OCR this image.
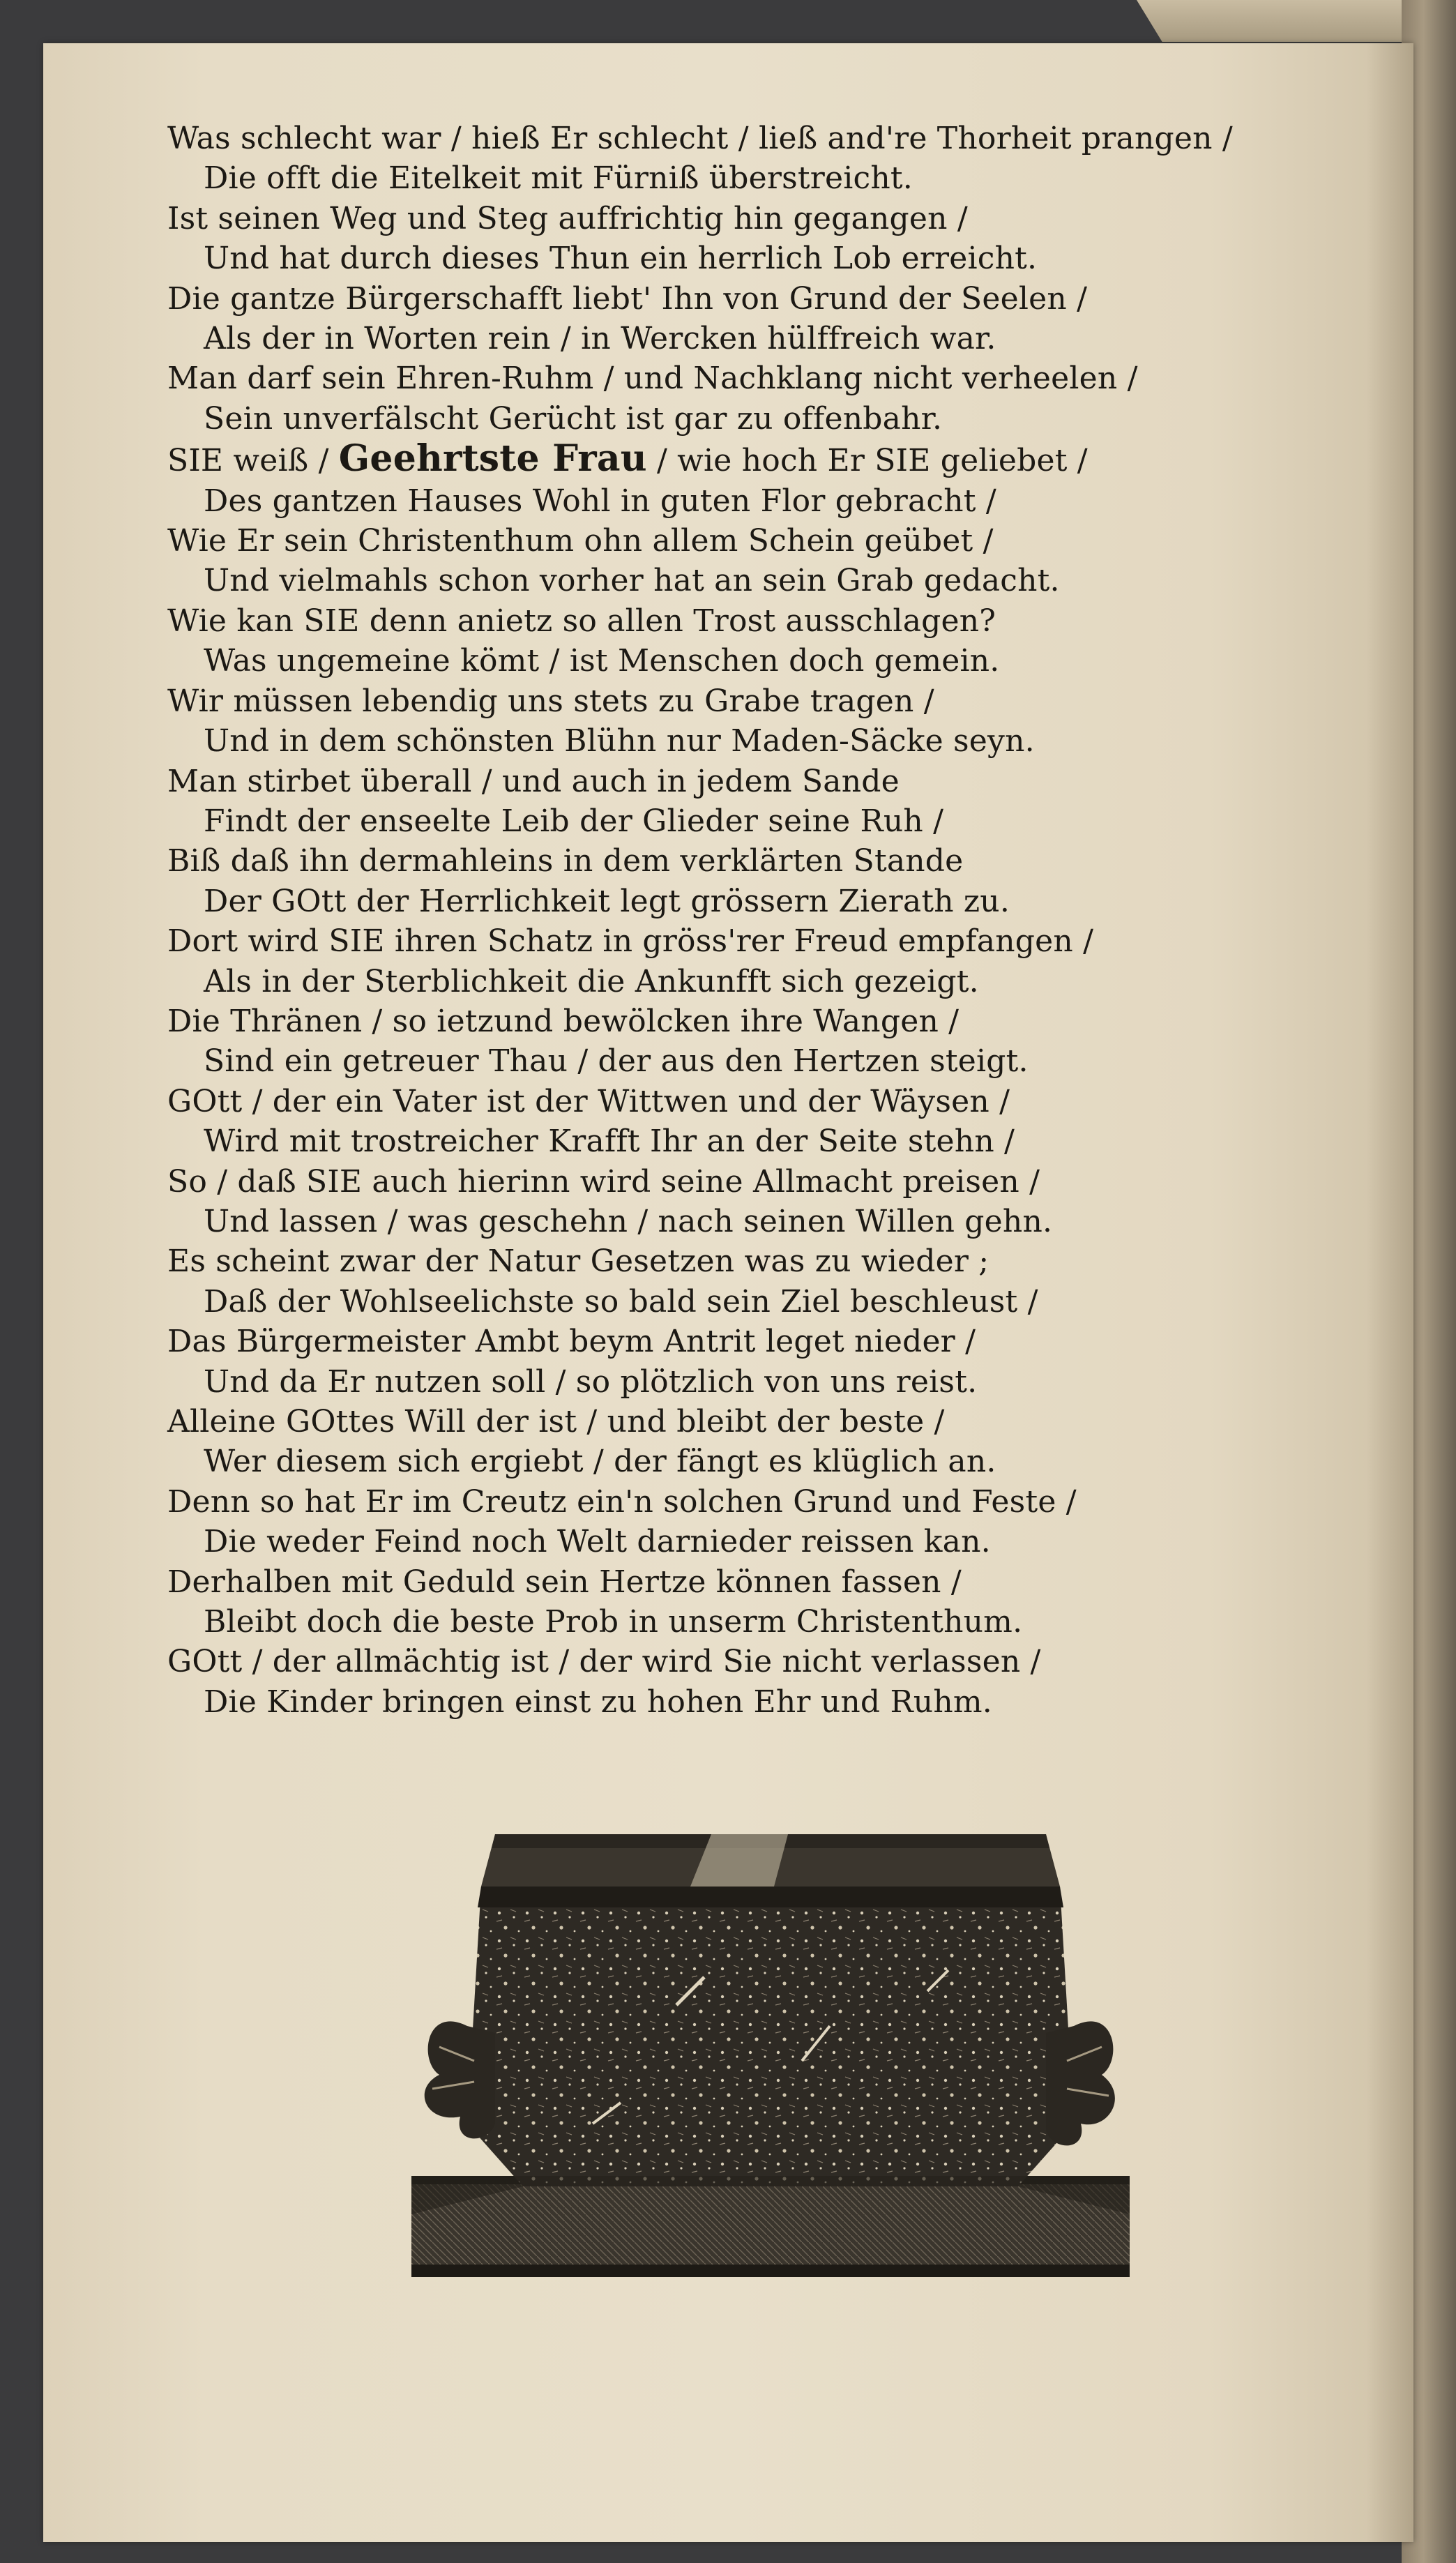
Was schlecht war / hieß Er schlecht / ließ and're Thorheit prangen /
Die offt die Eitelkeit mit Fürniß überstreicht.
Ist seinen Weg und Steg auffrichtig hin gegangen /
Und hat durch dieses Thun ein herrlich Lob erreicht.
Die gantze Bürgerschafft liebt' Ihn von Grund der Seelen /
Als der in Worten rein / in Wercken hülffreich war.
Man darf sein Ehren-Ruhm / und Nachklang nicht verheelen /
Sein unverfälscht Gerücht ist gar zu offenbahr.
SIE weiß / Geehrtste Frau / wie hoch Er SIE geliebet /
Des gantzen Hauses Wohl in guten Flor gebracht /
Wie Er sein Christenthum ohn allem Schein geübet /
Und vielmahls schon vorher hat an sein Grab gedacht.
Wie kan SIE denn anietz so allen Trost ausschlagen?
Was ungemeine kömt / ist Menschen doch gemein.
Wir müssen lebendig uns stets zu Grabe tragen /
Und in dem schönsten Blühn nur Maden-Säcke seyn.
Man stirbet überall / und auch in jedem Sande
Findt der enseelte Leib der Glieder seine Ruh /
Biß daß ihn dermahleins in dem verklärten Stande
Der GOtt der Herrlichkeit legt grössern Zierath zu.
Dort wird SIE ihren Schatz in gröss'rer Freud empfangen /
Als in der Sterblichkeit die Ankunfft sich gezeigt.
Die Thränen / so ietzund bewölcken ihre Wangen /
Sind ein getreuer Thau / der aus den Hertzen steigt.
GOtt / der ein Vater ist der Wittwen und der Wäysen /
Wird mit trostreicher Krafft Ihr an der Seite stehn /
So / daß SIE auch hierinn wird seine Allmacht preisen /
Und lassen / was geschehn / nach seinen Willen gehn.
Es scheint zwar der Natur Gesetzen was zu wieder ;
Daß der Wohlseelichste so bald sein Ziel beschleust /
Das Bürgermeister Ambt beym Antrit leget nieder /
Und da Er nutzen soll / so plötzlich von uns reist.
Alleine GOttes Will der ist / und bleibt der beste /
Wer diesem sich ergiebt / der fängt es klüglich an.
Denn so hat Er im Creutz ein'n solchen Grund und Feste /
Die weder Feind noch Welt darnieder reissen kan.
Derhalben mit Geduld sein Hertze können fassen /
Bleibt doch die beste Prob in unserm Christenthum.
GOtt / der allmächtig ist / der wird Sie nicht verlassen /
Die Kinder bringen einst zu hohen Ehr und Ruhm.
